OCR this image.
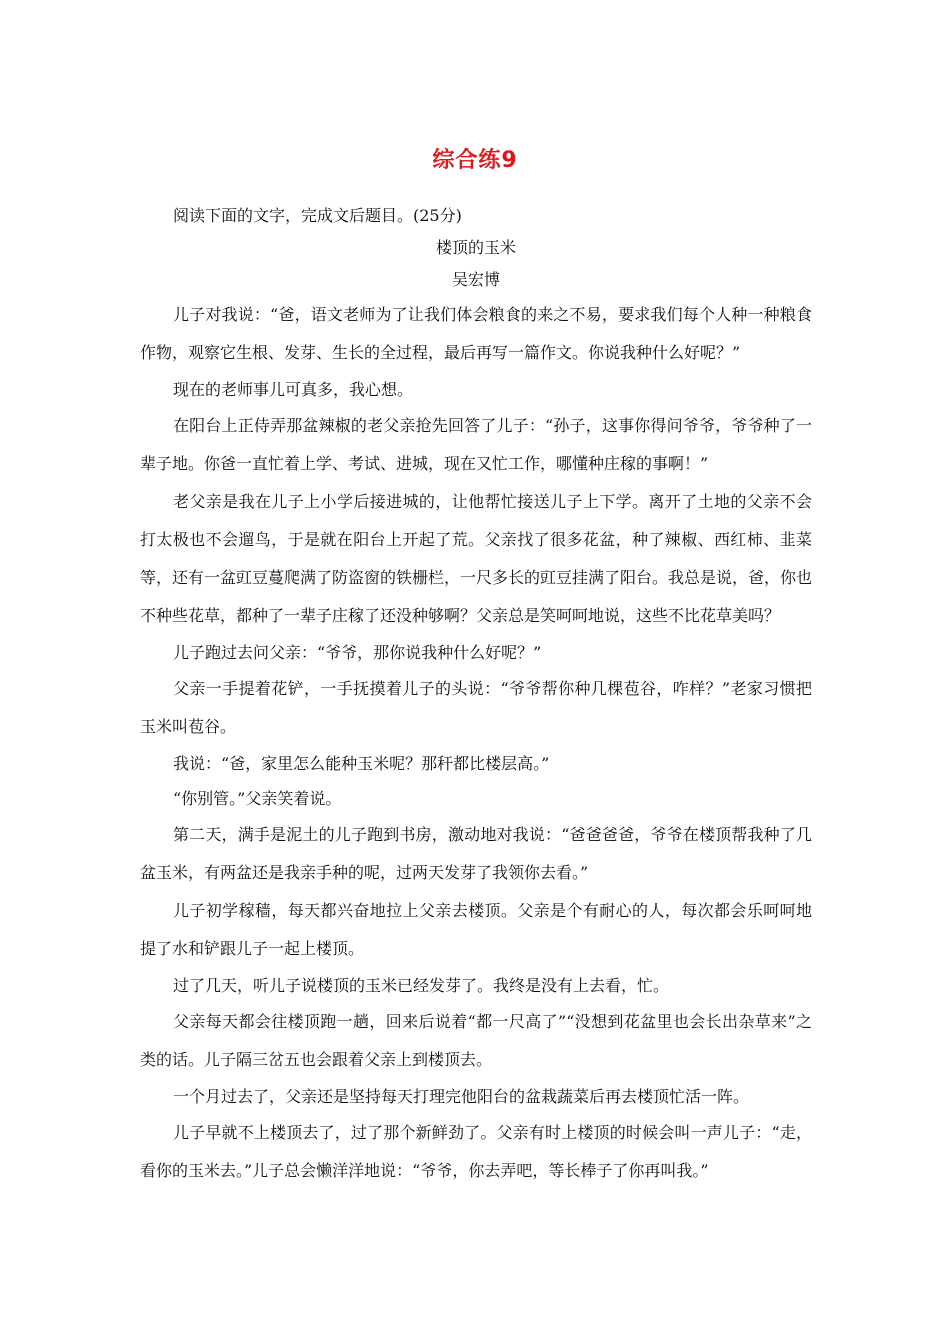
综合练9

阅读下面的文字，完成文后题目。(25分)

楼顶的玉米

吴宏博

儿子对我说：“爸，语文老师为了让我们体会粮食的来之不易，要求我们每个人种一种粮食作物，观察它生根、发芽、生长的全过程，最后再写一篇作文。你说我种什么好呢？”

现在的老师事儿可真多，我心想。

在阳台上正侍弄那盆辣椒的老父亲抢先回答了儿子：“孙子，这事你得问爷爷，爷爷种了一辈子地。你爸一直忙着上学、考试、进城，现在又忙工作，哪懂种庄稼的事啊！”

老父亲是我在儿子上小学后接进城的，让他帮忙接送儿子上下学。离开了土地的父亲不会打太极也不会遛鸟，于是就在阳台上开起了荒。父亲找了很多花盆，种了辣椒、西红柿、韭菜等，还有一盆豇豆蔓爬满了防盗窗的铁栅栏，一尺多长的豇豆挂满了阳台。我总是说，爸，你也不种些花草，都种了一辈子庄稼了还没种够啊？父亲总是笑呵呵地说，这些不比花草美吗？

儿子跑过去问父亲：“爷爷，那你说我种什么好呢？”

父亲一手提着花铲，一手抚摸着儿子的头说：“爷爷帮你种几棵苞谷，咋样？”老家习惯把玉米叫苞谷。

我说：“爸，家里怎么能种玉米呢？那秆都比楼层高。”

“你别管。”父亲笑着说。

第二天，满手是泥土的儿子跑到书房，激动地对我说：“爸爸爸爸，爷爷在楼顶帮我种了几盆玉米，有两盆还是我亲手种的呢，过两天发芽了我领你去看。”

儿子初学稼穑，每天都兴奋地拉上父亲去楼顶。父亲是个有耐心的人，每次都会乐呵呵地提了水和铲跟儿子一起上楼顶。

过了几天，听儿子说楼顶的玉米已经发芽了。我终是没有上去看，忙。

父亲每天都会往楼顶跑一趟，回来后说着“都一尺高了”“没想到花盆里也会长出杂草来”之类的话。儿子隔三岔五也会跟着父亲上到楼顶去。

一个月过去了，父亲还是坚持每天打理完他阳台的盆栽蔬菜后再去楼顶忙活一阵。

儿子早就不上楼顶去了，过了那个新鲜劲了。父亲有时上楼顶的时候会叫一声儿子：“走，看你的玉米去。”儿子总会懒洋洋地说：“爷爷，你去弄吧，等长棒子了你再叫我。”
